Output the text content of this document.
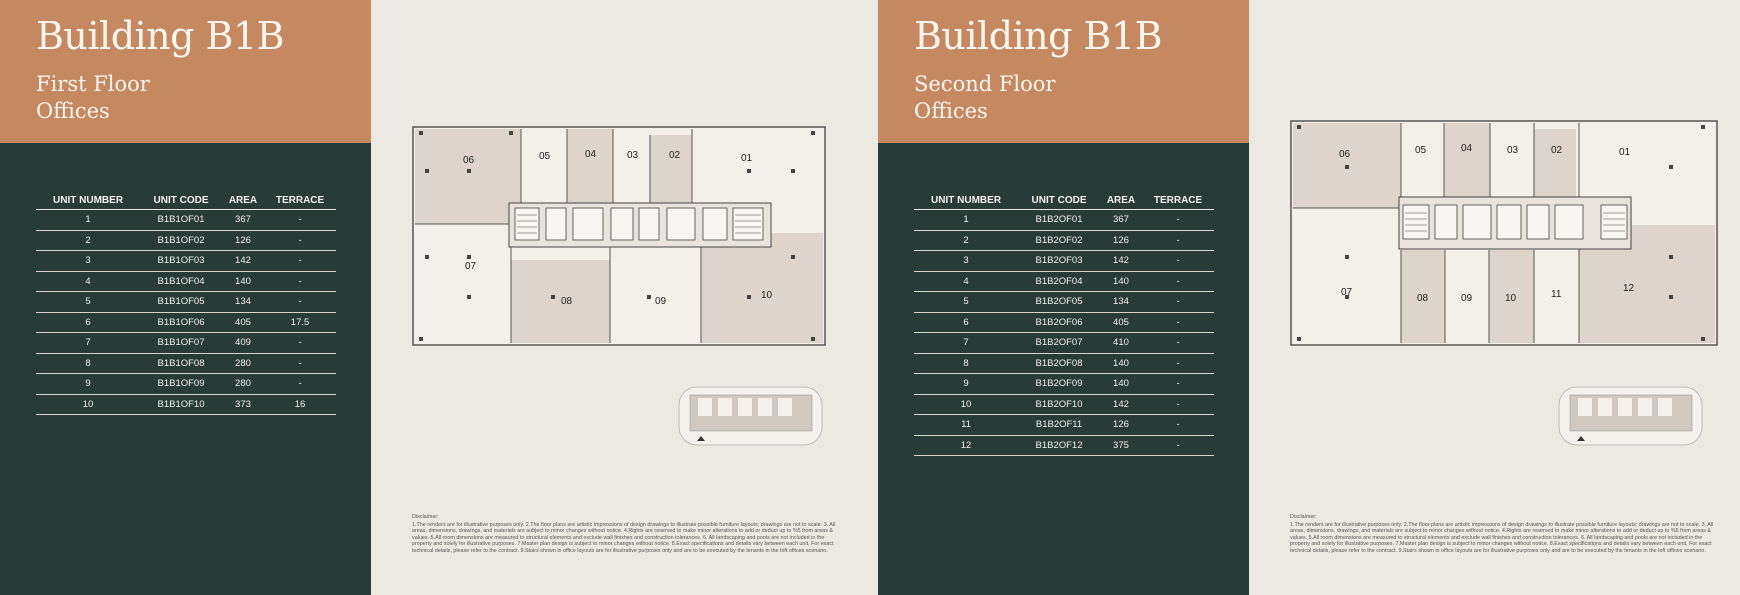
Building B1B
First Floor
Offices
UNIT NUMBER	UNIT CODE	AREA	TERRACE
1	B1B1OF01	367	-
2	B1B1OF02	126	-
3	B1B1OF03	142	-
4	B1B1OF04	140	-
5	B1B1OF05	134	-
6	B1B1OF06	405	17.5
7	B1B1OF07	409	-
8	B1B1OF08	280	-
9	B1B1OF09	280	-
10	B1B1OF10	373	16
06	05	04	03	02	01
07
08	09
10
Disclaimer:
1.The renders are for illustrative purposes only. 2.The floor plans are artistic impressions of design drawings to illustrate possible furniture layouts; drawings are not to scale. 3. All areas, dimensions, drawings, and materials are subject to minor changes without notice. 4.Rights are reserved to make minor alterations to add or deduct up to %5 from areas & values. 5.All room dimensions are measured to structural elements and exclude wall finishes and construction tolerances. 6. All landscaping and pools are not included in the property and solely for illustrative purposes. 7.Master plan design is subject to minor changes without notice. 8.Exact specifications and details vary between each unit, For exact technical details, please refer to the contract. 9.Stairs shown in office layouts are for illustrative purposes only and are to be executed by the tenants in the loft offices scenario.
Building B1B
Second Floor
Offices
UNIT NUMBER	UNIT CODE	AREA	TERRACE
1	B1B2OF01	367	-
2	B1B2OF02	126	-
3	B1B2OF03	142	-
4	B1B2OF04	140	-
5	B1B2OF05	134	-
6	B1B2OF06	405	-
7	B1B2OF07	410	-
8	B1B2OF08	140	-
9	B1B2OF09	140	-
10	B1B2OF10	142	-
11	B1B2OF11	126	-
12	B1B2OF12	375	-
06	05	04	03	02	01
07
08	09	10	11
12
Disclaimer:
1.The renders are for illustrative purposes only. 2.The floor plans are artistic impressions of design drawings to illustrate possible furniture layouts; drawings are not to scale. 3. All areas, dimensions, drawings, and materials are subject to minor changes without notice. 4.Rights are reserved to make minor alterations to add or deduct up to %5 from areas & values. 5.All room dimensions are measured to structural elements and exclude wall finishes and construction tolerances. 6. All landscaping and pools are not included in the property and solely for illustrative purposes. 7.Master plan design is subject to minor changes without notice. 8.Exact specifications and details vary between each unit, For exact technical details, please refer to the contract. 9.Stairs shown in office layouts are for illustrative purposes only and are to be executed by the tenants in the loft offices scenario.
